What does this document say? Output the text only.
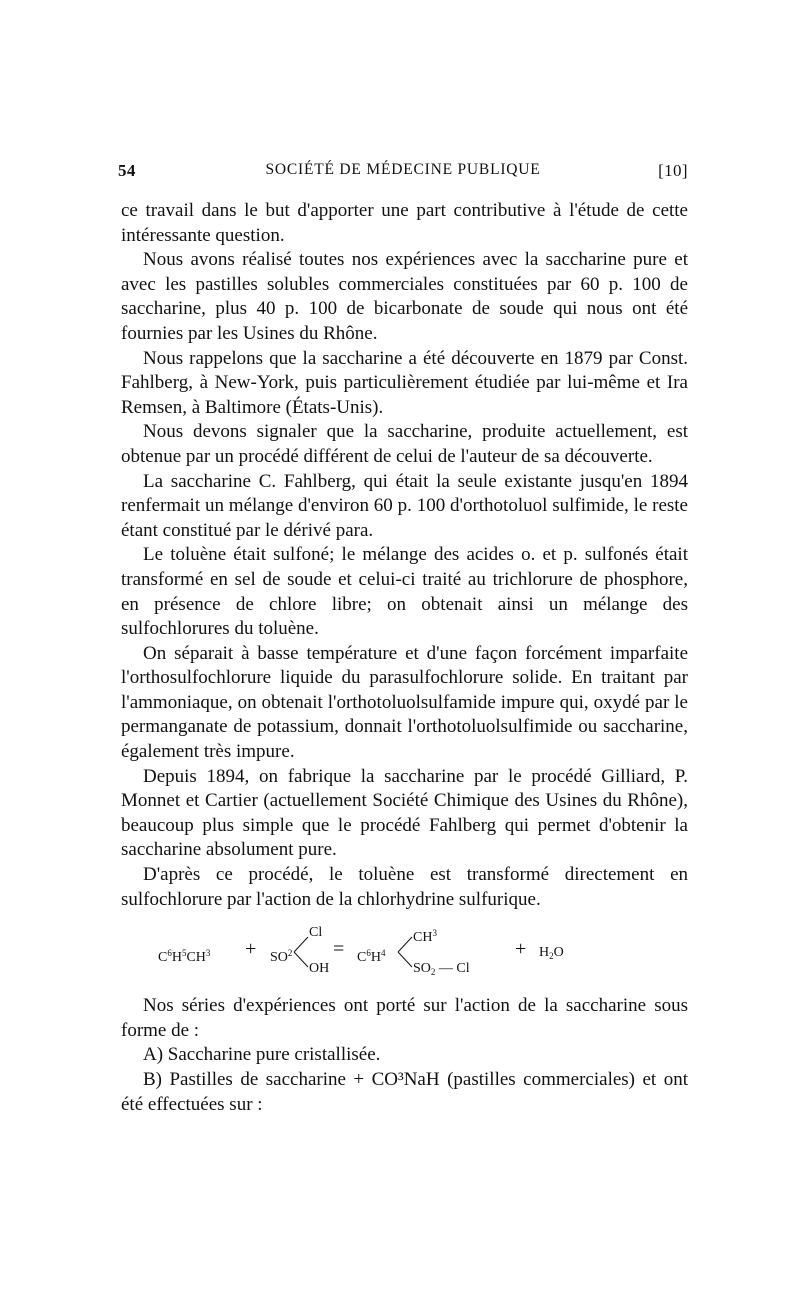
54	SOCIÉTÉ DE MÉDECINE PUBLIQUE	[10]

ce travail dans le but d'apporter une part contributive à l'étude de cette intéressante question.

Nous avons réalisé toutes nos expériences avec la saccharine pure et avec les pastilles solubles commerciales constituées par 60 p. 100 de saccharine, plus 40 p. 100 de bicarbonate de soude qui nous ont été fournies par les Usines du Rhône.

Nous rappelons que la saccharine a été découverte en 1879 par Const. Fahlberg, à New-York, puis particulièrement étudiée par lui-même et Ira Remsen, à Baltimore (États-Unis).

Nous devons signaler que la saccharine, produite actuellement, est obtenue par un procédé différent de celui de l'auteur de sa découverte.

La saccharine C. Fahlberg, qui était la seule existante jusqu'en 1894 renfermait un mélange d'environ 60 p. 100 d'orthotoluol sulfimide, le reste étant constitué par le dérivé para.

Le toluène était sulfoné; le mélange des acides o. et p. sulfonés était transformé en sel de soude et celui-ci traité au trichlorure de phosphore, en présence de chlore libre; on obtenait ainsi un mélange des sulfochlorures du toluène.

On séparait à basse température et d'une façon forcément imparfaite l'orthosulfochlorure liquide du parasulfochlorure solide. En traitant par l'ammoniaque, on obtenait l'orthotoluolsulfamide impure qui, oxydé par le permanganate de potassium, donnait l'orthotoluolsulfimide ou saccharine, également très impure.

Depuis 1894, on fabrique la saccharine par le procédé Gilliard, P. Monnet et Cartier (actuellement Société Chimique des Usines du Rhône), beaucoup plus simple que le procédé Fahlberg qui permet d'obtenir la saccharine absolument pure.

D'après ce procédé, le toluène est transformé directement en sulfochlorure par l'action de la chlorhydrine sulfurique.

$C^6H^5CH^3 + SO^2$
Cl
OH
= $C^6H^4$
$CH^3$
$SO_2$ — Cl
+ $H_2O$

Nos séries d'expériences ont porté sur l'action de la saccharine sous forme de :

A) Saccharine pure cristallisée.

B) Pastilles de saccharine + CO³NaH (pastilles commerciales) et ont été effectuées sur :
